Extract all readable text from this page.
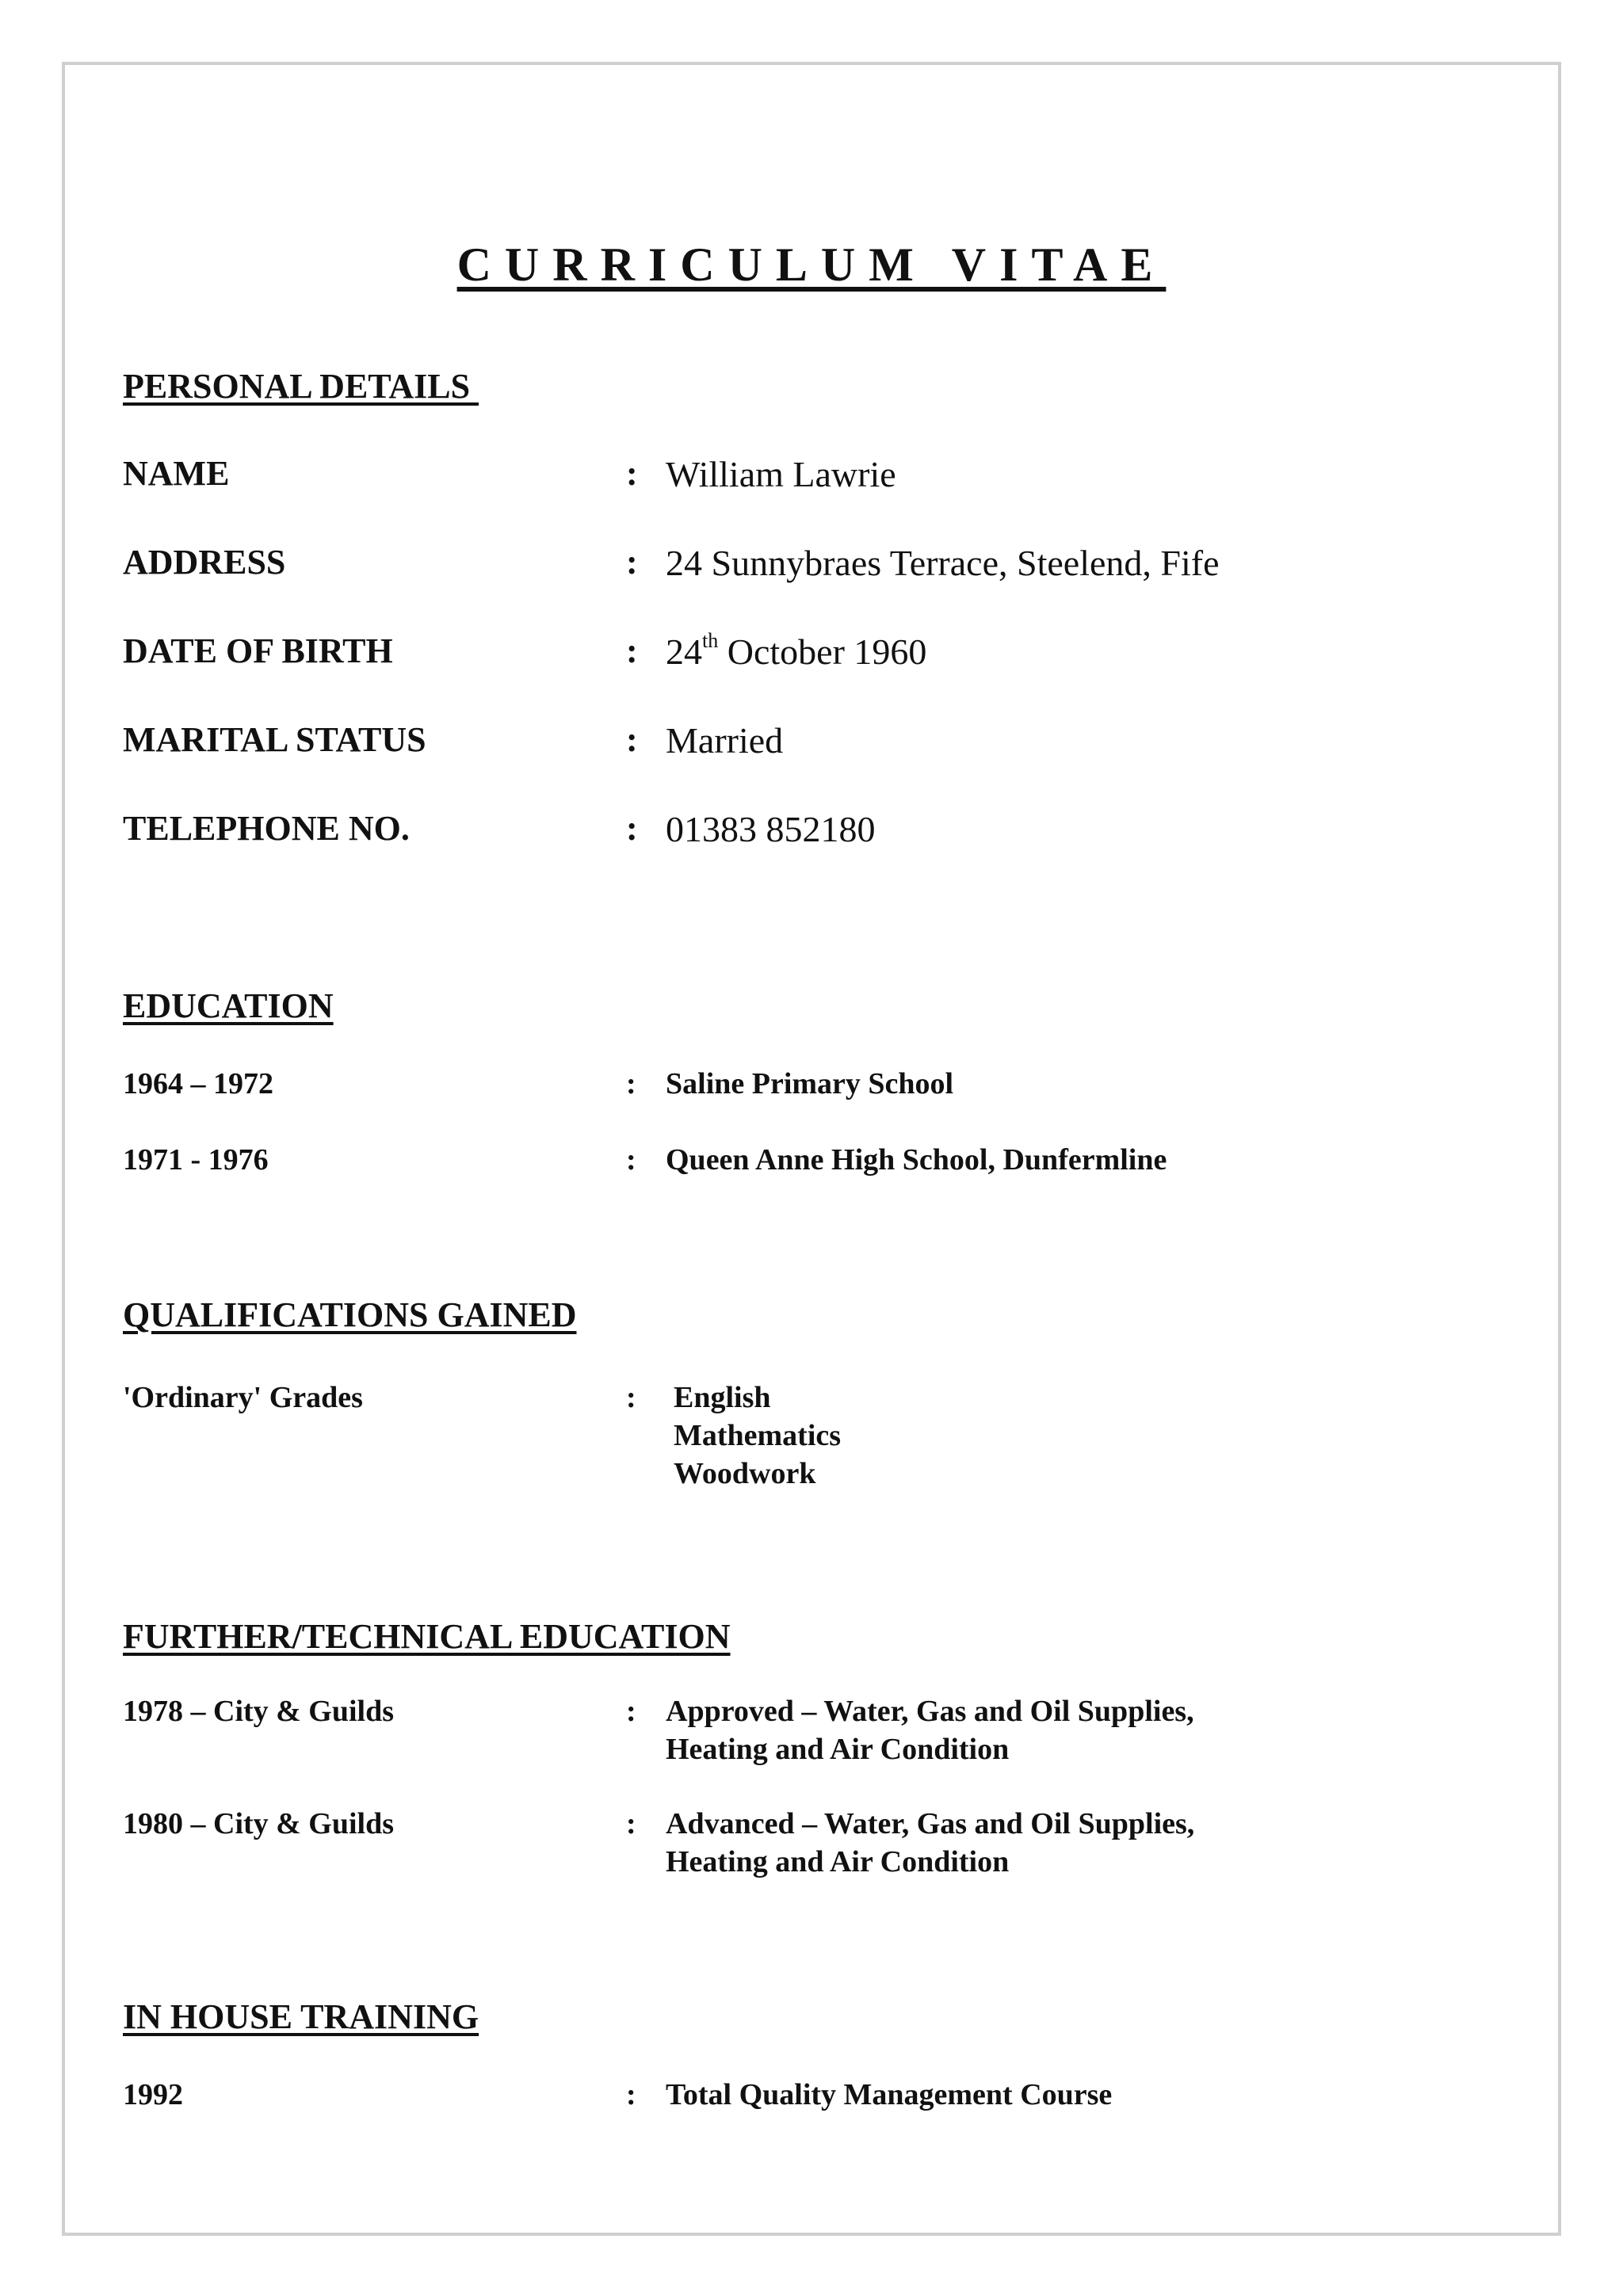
CURRICULUM VITAE
PERSONAL DETAILS
NAME	: William Lawrie
ADDRESS	: 24 Sunnybraes Terrace, Steelend, Fife
DATE OF BIRTH	: 24th October 1960
MARITAL STATUS	: Married
TELEPHONE NO.	: 01383 852180
EDUCATION
1964 – 1972	: Saline Primary School
1971 - 1976	: Queen Anne High School, Dunfermline
QUALIFICATIONS GAINED
'Ordinary' Grades	: English
Mathematics
Woodwork
FURTHER/TECHNICAL EDUCATION
1978 – City & Guilds	: Approved – Water, Gas and Oil Supplies,
Heating and Air Condition
1980 – City & Guilds	: Advanced – Water, Gas and Oil Supplies,
Heating and Air Condition
IN HOUSE TRAINING
1992	: Total Quality Management Course
